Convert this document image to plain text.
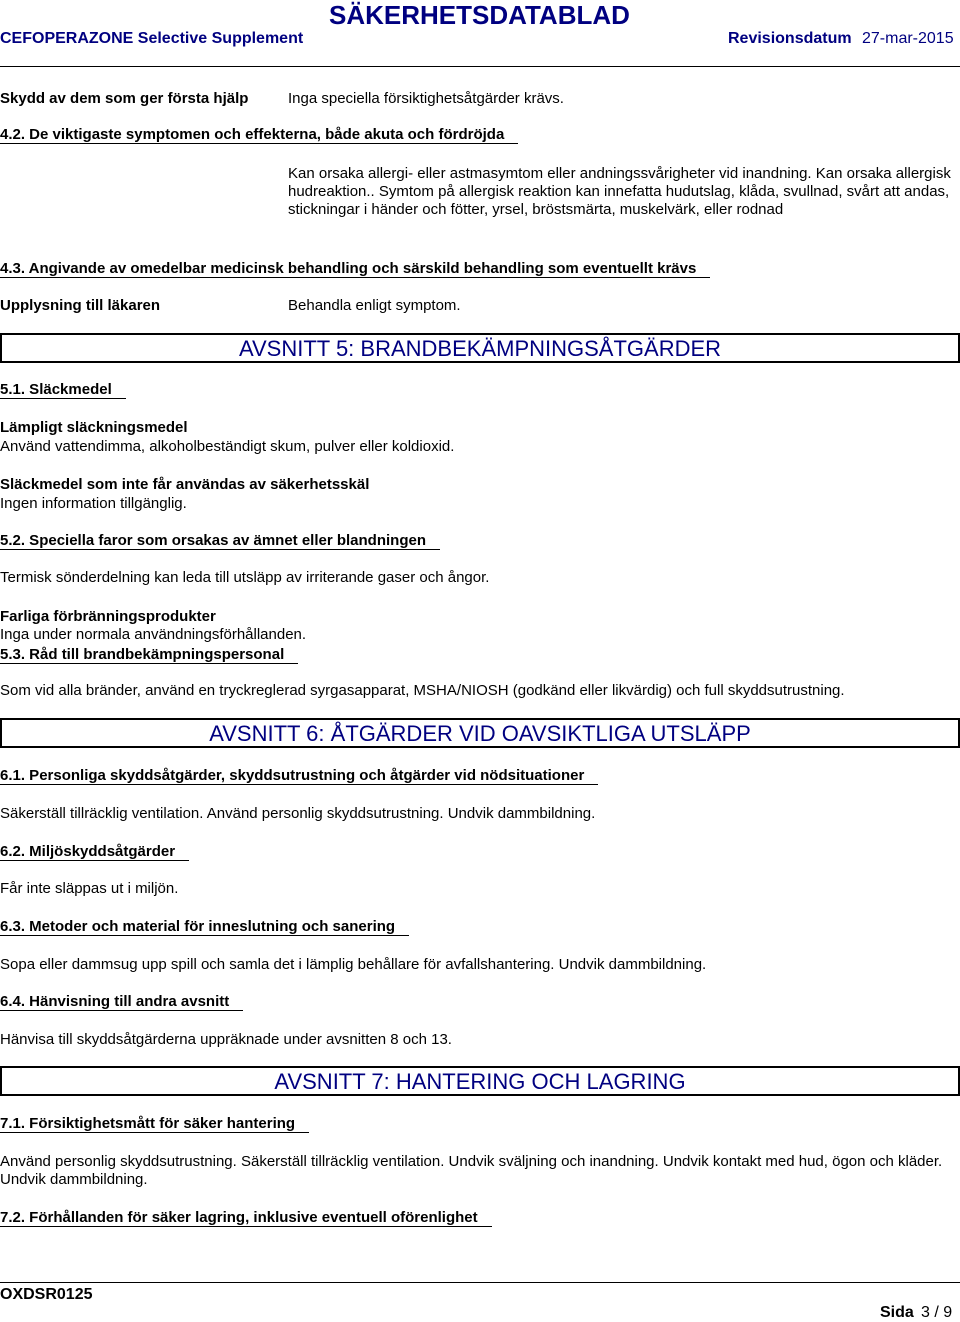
SÄKERHETSDATABLAD
CEFOPERAZONE Selective Supplement	Revisionsdatum 27-mar-2015
Skydd av dem som ger första hjälp	Inga speciella försiktighetsåtgärder krävs.
4.2. De viktigaste symptomen och effekterna, både akuta och fördröjda
Kan orsaka allergi- eller astmasymtom eller andningssvårigheter vid inandning. Kan orsaka allergisk hudreaktion.. Symtom på allergisk reaktion kan innefatta hudutslag, klåda, svullnad, svårt att andas, stickningar i händer och fötter, yrsel, bröstsmärta, muskelvärk, eller rodnad
4.3. Angivande av omedelbar medicinsk behandling och särskild behandling som eventuellt krävs
Upplysning till läkaren	Behandla enligt symptom.
AVSNITT 5: BRANDBEKÄMPNINGSÅTGÄRDER
5.1. Släckmedel
Lämpligt släckningsmedel
Använd vattendimma, alkoholbeständigt skum, pulver eller koldioxid.
Släckmedel som inte får användas av säkerhetsskäl
Ingen information tillgänglig.
5.2. Speciella faror som orsakas av ämnet eller blandningen
Termisk sönderdelning kan leda till utsläpp av irriterande gaser och ångor.
Farliga förbränningsprodukter
Inga under normala användningsförhållanden.
5.3. Råd till brandbekämpningspersonal
Som vid alla bränder, använd en tryckreglerad syrgasapparat, MSHA/NIOSH (godkänd eller likvärdig) och full skyddsutrustning.
AVSNITT 6: ÅTGÄRDER VID OAVSIKTLIGA UTSLÄPP
6.1. Personliga skyddsåtgärder, skyddsutrustning och åtgärder vid nödsituationer
Säkerställ tillräcklig ventilation. Använd personlig skyddsutrustning. Undvik dammbildning.
6.2. Miljöskyddsåtgärder
Får inte släppas ut i miljön.
6.3. Metoder och material för inneslutning och sanering
Sopa eller dammsug upp spill och samla det i lämplig behållare för avfallshantering. Undvik dammbildning.
6.4. Hänvisning till andra avsnitt
Hänvisa till skyddsåtgärderna uppräknade under avsnitten 8 och 13.
AVSNITT 7: HANTERING OCH LAGRING
7.1. Försiktighetsmått för säker hantering
Använd personlig skyddsutrustning. Säkerställ tillräcklig ventilation. Undvik sväljning och inandning. Undvik kontakt med hud, ögon och kläder. Undvik dammbildning.
7.2. Förhållanden för säker lagring, inklusive eventuell oförenlighet
OXDSR0125
Sida 3 / 9
